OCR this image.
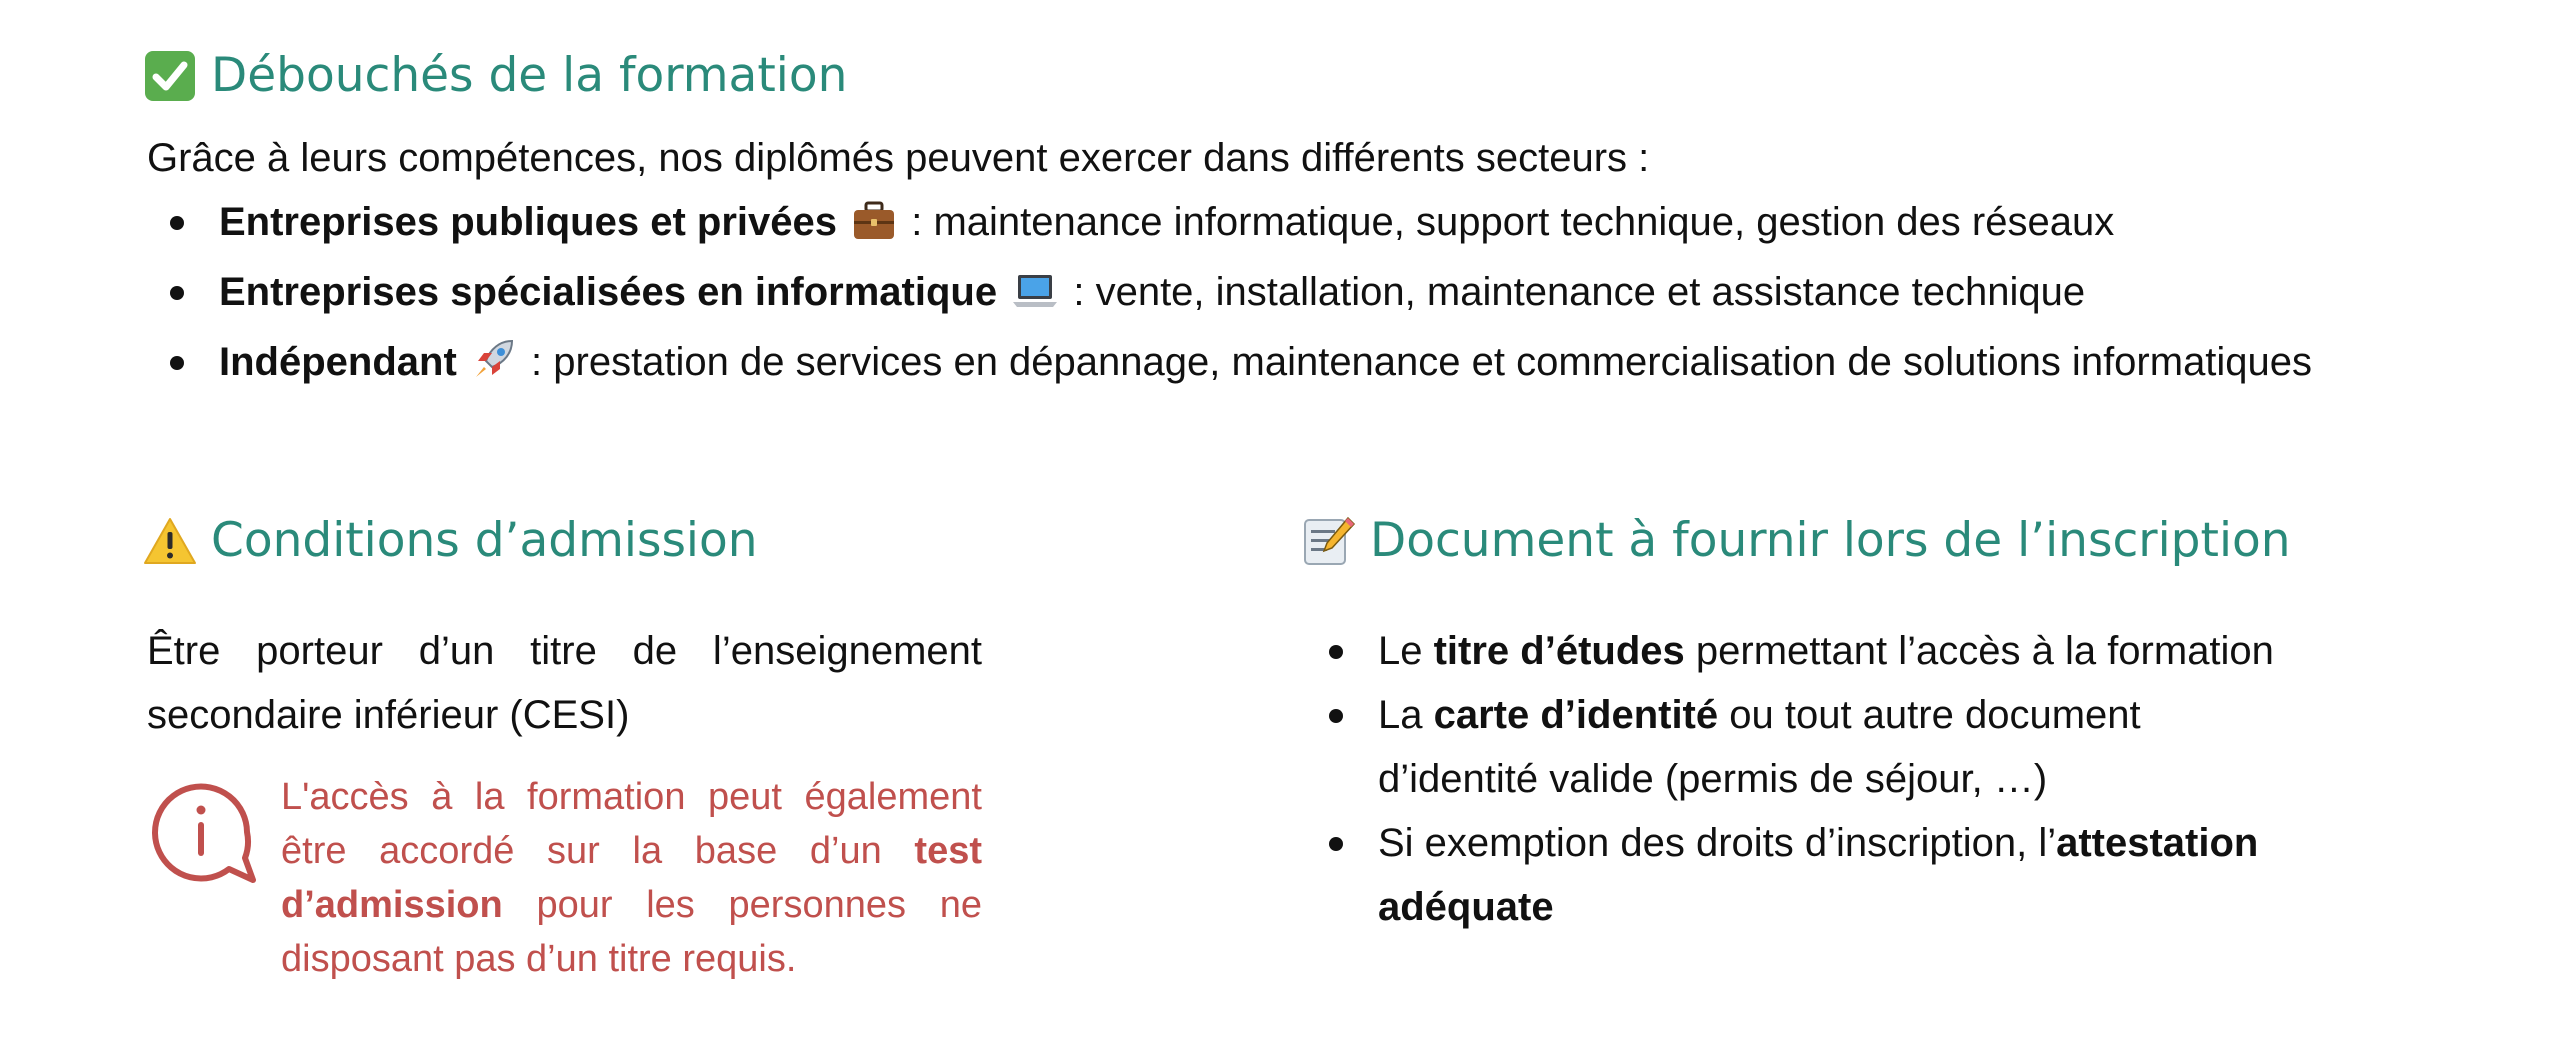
Débouchés de la formation
Grâce à leurs compétences, nos diplômés peuvent exercer dans différents secteurs :
Entreprises publiques et privées : maintenance informatique, support technique, gestion des réseaux
Entreprises spécialisées en informatique : vente, installation, maintenance et assistance technique
Indépendant : prestation de services en dépannage, maintenance et commercialisation de solutions informatiques
Conditions d’admission
Être porteur d’un titre de l’enseignement secondaire inférieur (CESI)
L'accès à la formation peut également être accordé sur la base d’un test d’admission pour les personnes ne disposant pas d’un titre requis.
Document à fournir lors de l’inscription
Le titre d’études permettant l’accès à la formation
La carte d’identité ou tout autre document d’identité valide (permis de séjour, …)
Si exemption des droits d’inscription, l’attestation adéquate
